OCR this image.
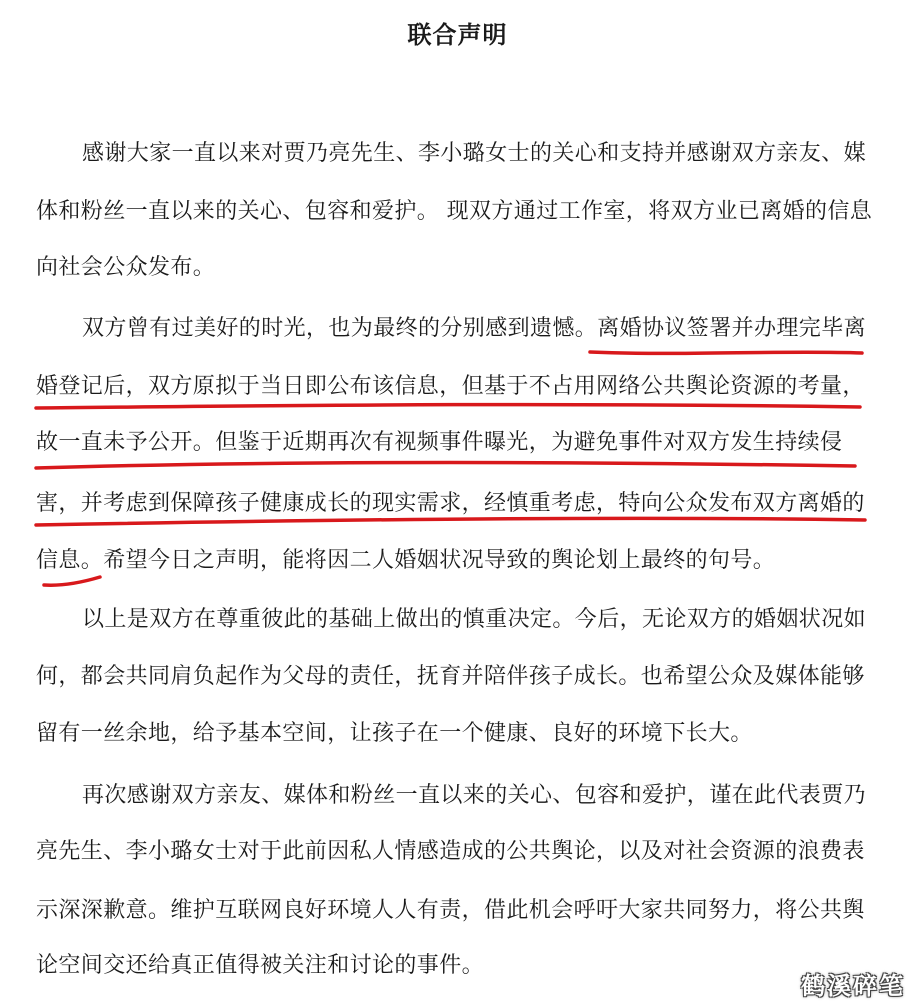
联合声明
感谢大家一直以来对贾乃亮先生、李小璐女士的关心和支持并感谢双方亲友、媒
体和粉丝一直以来的关心、包容和爱护。 现双方通过工作室，将双方业已离婚的信息
向社会公众发布。
双方曾有过美好的时光，也为最终的分别感到遗憾。离婚协议签署并办理完毕离
婚登记后，双方原拟于当日即公布该信息，但基于不占用网络公共舆论资源的考量，
故一直未予公开。但鉴于近期再次有视频事件曝光，为避免事件对双方发生持续侵
害，并考虑到保障孩子健康成长的现实需求，经慎重考虑，特向公众发布双方离婚的
信息。希望今日之声明，能将因二人婚姻状况导致的舆论划上最终的句号。
以上是双方在尊重彼此的基础上做出的慎重决定。今后，无论双方的婚姻状况如
何，都会共同肩负起作为父母的责任，抚育并陪伴孩子成长。也希望公众及媒体能够
留有一丝余地，给予基本空间，让孩子在一个健康、良好的环境下长大。
再次感谢双方亲友、媒体和粉丝一直以来的关心、包容和爱护，谨在此代表贾乃
亮先生、李小璐女士对于此前因私人情感造成的公共舆论，以及对社会资源的浪费表
示深深歉意。维护互联网良好环境人人有责，借此机会呼吁大家共同努力，将公共舆
论空间交还给真正值得被关注和讨论的事件。
鹤溪碎笔
